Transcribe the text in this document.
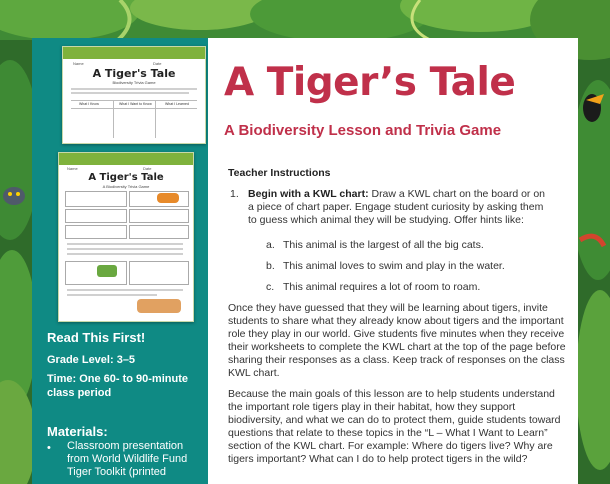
Name	Date
A Tiger's Tale
Biodiversity Trivia Game
What I Know	What I Want to Know	What I Learned
Name	Date
A Tiger's Tale
A Biodiversity Trivia Game
Read This First!
Grade Level: 3–5
Time: One 60- to 90-minute class period
Materials:
• Classroom presentation from World Wildlife Fund Tiger Toolkit (printed
A Tiger’s Tale
A Biodiversity Lesson and Trivia Game
Teacher Instructions
1. Begin with a KWL chart: Draw a KWL chart on the board or on a piece of chart paper. Engage student curiosity by asking them to guess which animal they will be studying. Offer hints like:
a. This animal is the largest of all the big cats.
b. This animal loves to swim and play in the water.
c. This animal requires a lot of room to roam.
Once they have guessed that they will be learning about tigers, invite students to share what they already know about tigers and the important role they play in our world. Give students five minutes when they receive their worksheets to complete the KWL chart at the top of the page before sharing their responses as a class. Keep track of responses on the class KWL chart.
Because the main goals of this lesson are to help students understand the important role tigers play in their habitat, how they support biodiversity, and what we can do to protect them, guide students toward questions that relate to these topics in the “L – What I Want to Learn” section of the KWL chart. For example: Where do tigers live? Why are tigers important? What can I do to help protect tigers in the wild?
